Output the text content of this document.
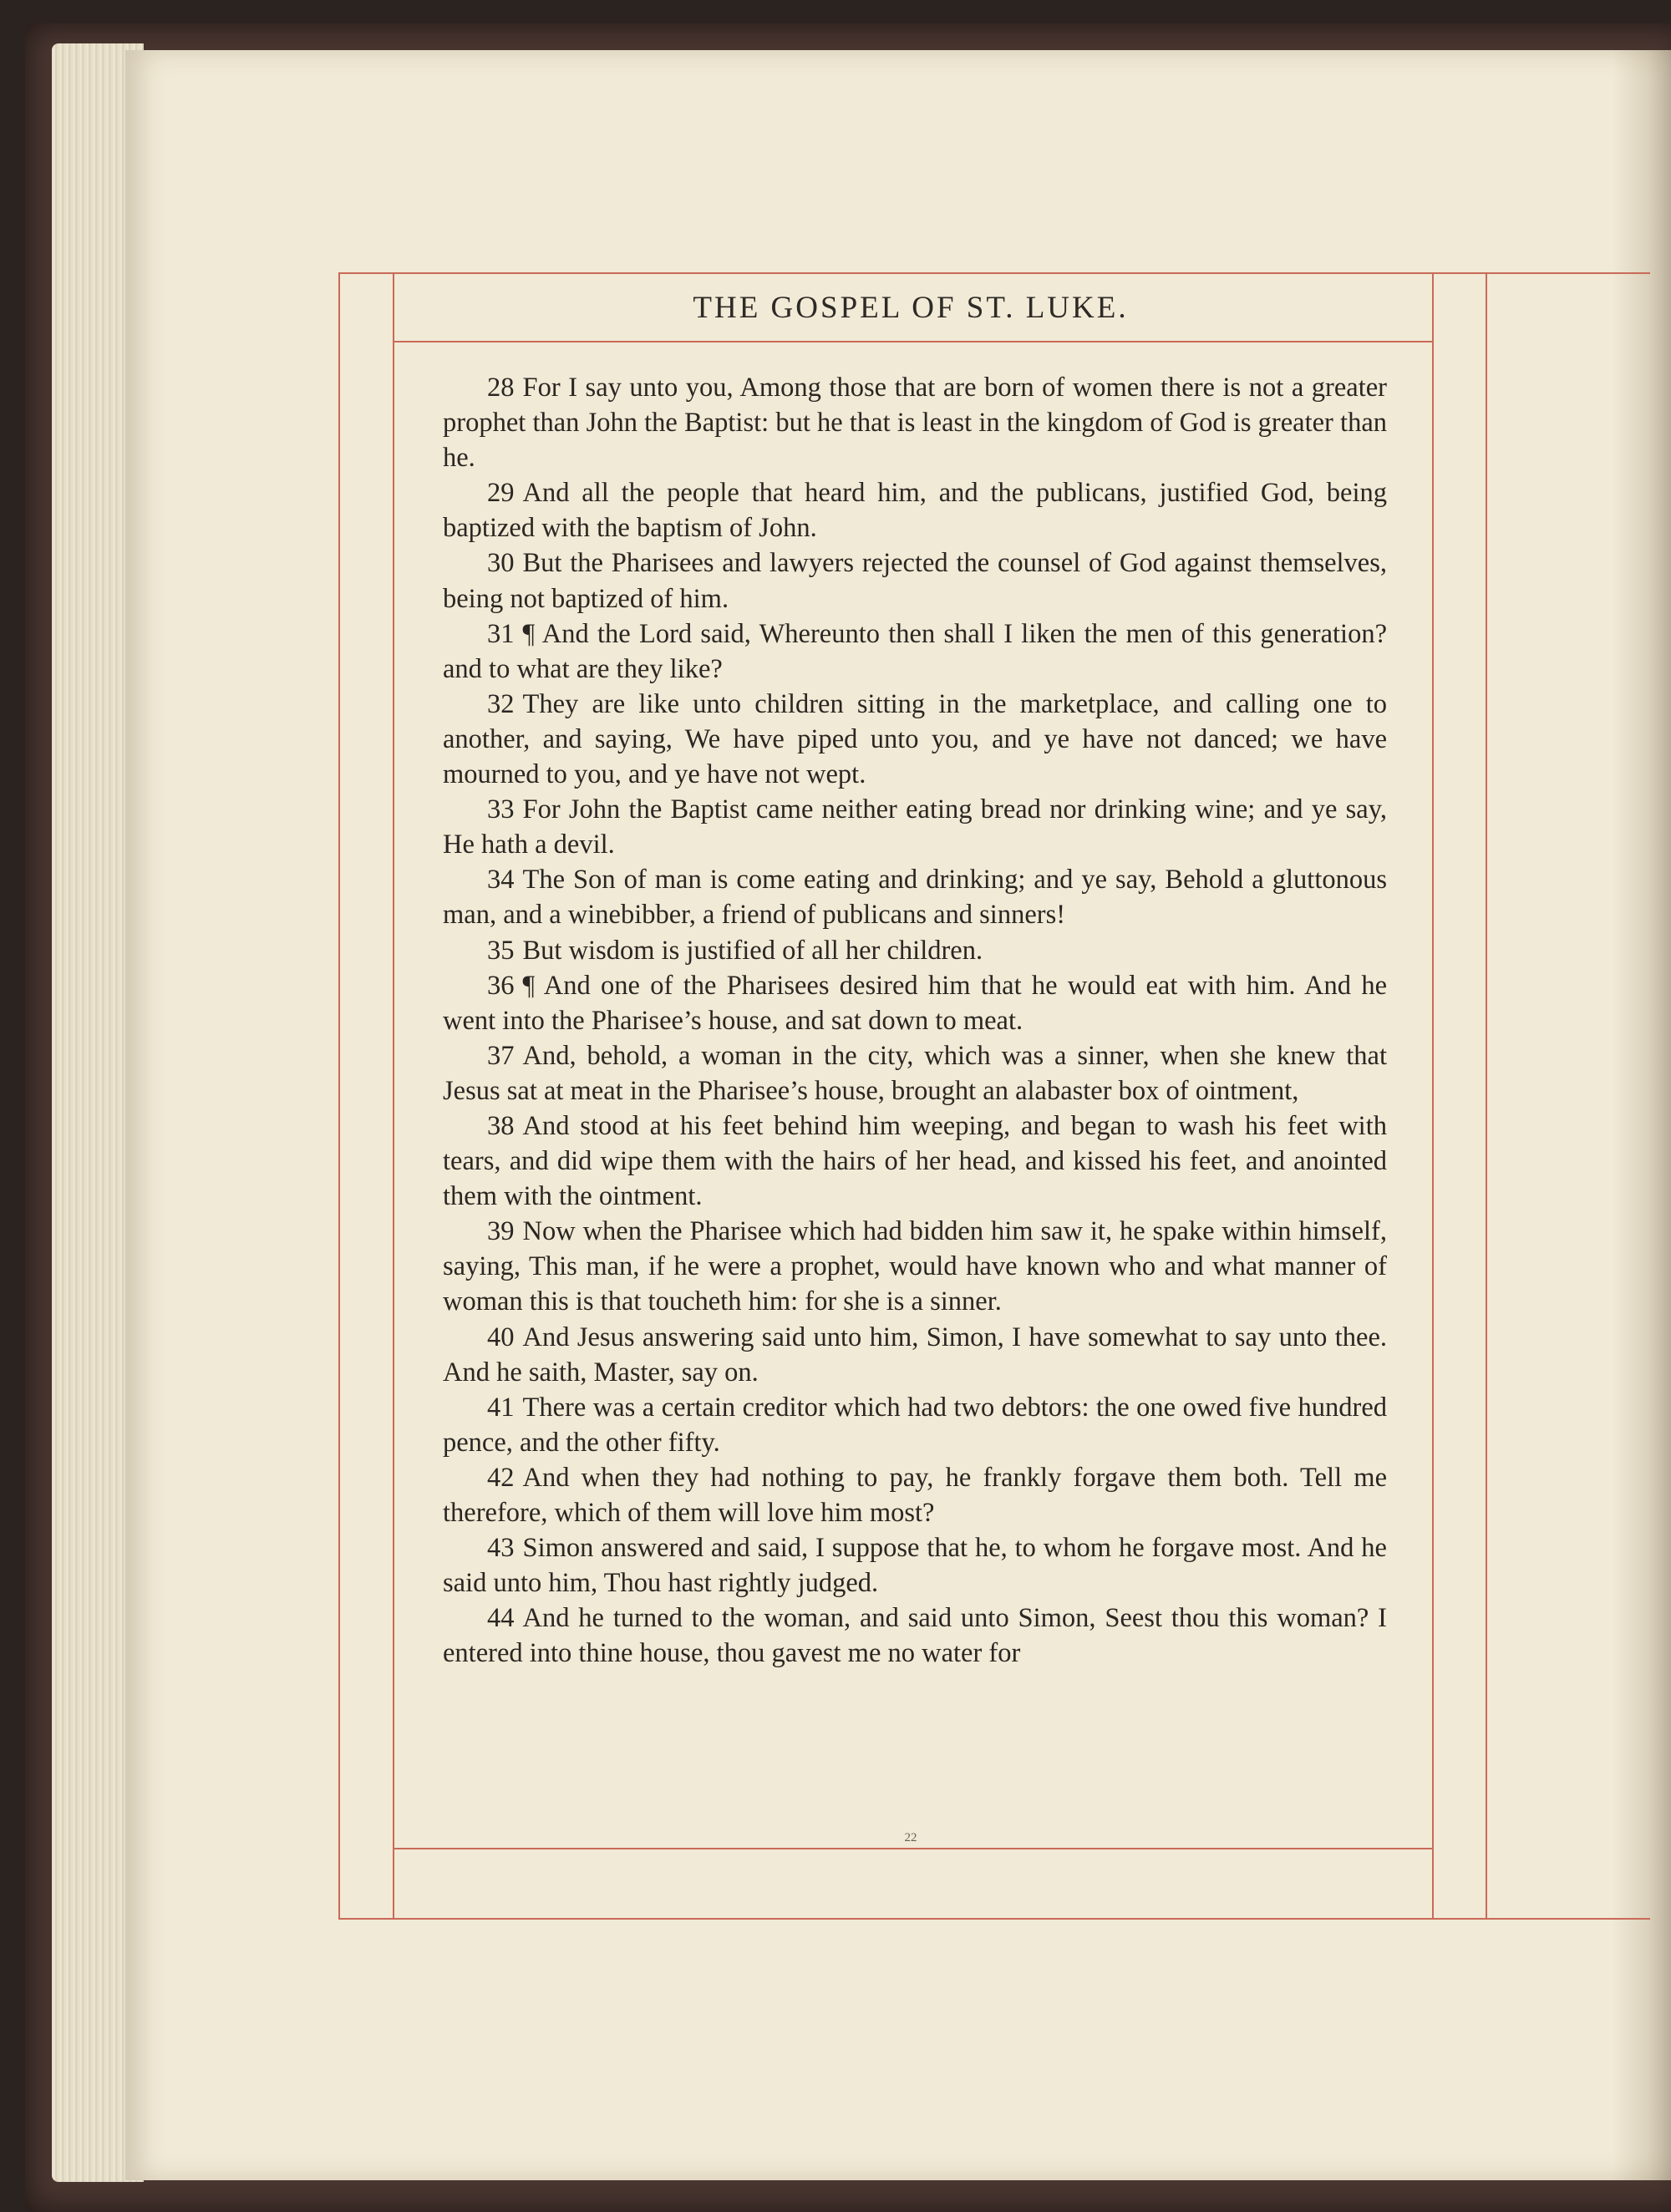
THE GOSPEL OF ST. LUKE.

28 For I say unto you, Among those that are born of women there is not a greater prophet than John the Baptist: but he that is least in the kingdom of God is greater than he.

29 And all the people that heard him, and the publicans, justified God, being baptized with the baptism of John.

30 But the Pharisees and lawyers rejected the counsel of God against themselves, being not baptized of him.

31 ¶ And the Lord said, Whereunto then shall I liken the men of this generation? and to what are they like?

32 They are like unto children sitting in the marketplace, and calling one to another, and saying, We have piped unto you, and ye have not danced; we have mourned to you, and ye have not wept.

33 For John the Baptist came neither eating bread nor drinking wine; and ye say, He hath a devil.

34 The Son of man is come eating and drinking; and ye say, Behold a gluttonous man, and a winebibber, a friend of publicans and sinners!

35 But wisdom is justified of all her children.

36 ¶ And one of the Pharisees desired him that he would eat with him. And he went into the Pharisee’s house, and sat down to meat.

37 And, behold, a woman in the city, which was a sinner, when she knew that Jesus sat at meat in the Pharisee’s house, brought an alabaster box of ointment,

38 And stood at his feet behind him weeping, and began to wash his feet with tears, and did wipe them with the hairs of her head, and kissed his feet, and anointed them with the ointment.

39 Now when the Pharisee which had bidden him saw it, he spake within himself, saying, This man, if he were a prophet, would have known who and what manner of woman this is that toucheth him: for she is a sinner.

40 And Jesus answering said unto him, Simon, I have somewhat to say unto thee. And he saith, Master, say on.

41 There was a certain creditor which had two debtors: the one owed five hundred pence, and the other fifty.

42 And when they had nothing to pay, he frankly forgave them both. Tell me therefore, which of them will love him most?

43 Simon answered and said, I suppose that he, to whom he forgave most. And he said unto him, Thou hast rightly judged.

44 And he turned to the woman, and said unto Simon, Seest thou this woman? I entered into thine house, thou gavest me no water for

22
